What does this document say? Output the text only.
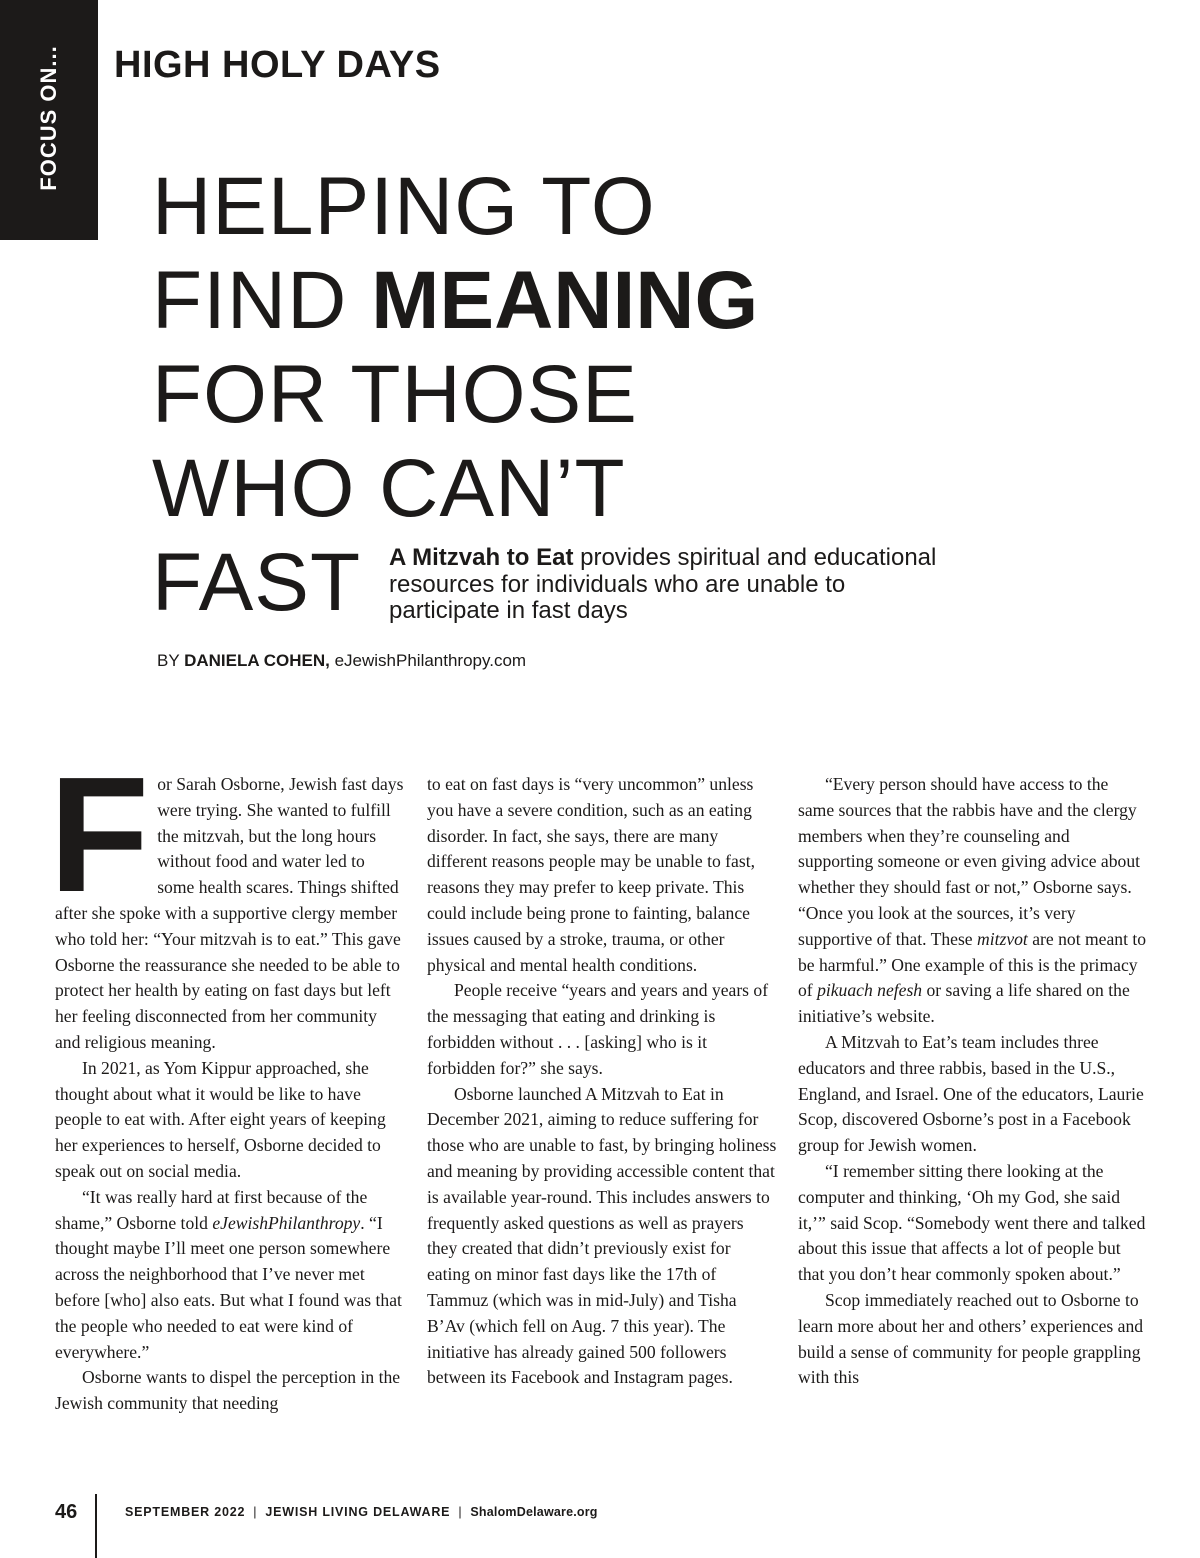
FOCUS ON... HIGH HOLY DAYS
HELPING TO
FIND MEANING
FOR THOSE
WHO CAN’T
FAST	A Mitzvah to Eat provides spiritual and educational resources for individuals who are unable to participate in fast days
BY DANIELA COHEN, eJewishPhilanthropy.com

For Sarah Osborne, Jewish fast days were trying. She wanted to fulfill the mitzvah, but the long hours without food and water led to some health scares. Things shifted after she spoke with a supportive clergy member who told her: “Your mitzvah is to eat.” This gave Osborne the reassurance she needed to be able to protect her health by eating on fast days but left her feeling disconnected from her community and religious meaning.

In 2021, as Yom Kippur approached, she thought about what it would be like to have people to eat with. After eight years of keeping her experiences to herself, Osborne decided to speak out on social media.

“It was really hard at first because of the shame,” Osborne told eJewishPhilanthropy. “I thought maybe I’ll meet one person somewhere across the neighborhood that I’ve never met before [who] also eats. But what I found was that the people who needed to eat were kind of everywhere.”

Osborne wants to dispel the perception in the Jewish community that needing

to eat on fast days is “very uncommon” unless you have a severe condition, such as an eating disorder. In fact, she says, there are many different reasons people may be unable to fast, reasons they may prefer to keep private. This could include being prone to fainting, balance issues caused by a stroke, trauma, or other physical and mental health conditions.

People receive “years and years and years of the messaging that eating and drinking is forbidden without . . . [asking] who is it forbidden for?” she says.

Osborne launched A Mitzvah to Eat in December 2021, aiming to reduce suffering for those who are unable to fast, by bringing holiness and meaning by providing accessible content that is available year-round. This includes answers to frequently asked questions as well as prayers they created that didn’t previously exist for eating on minor fast days like the 17th of Tammuz (which was in mid-July) and Tisha B’Av (which fell on Aug. 7 this year). The initiative has already gained 500 followers between its Facebook and Instagram pages.

“Every person should have access to the same sources that the rabbis have and the clergy members when they’re counseling and supporting someone or even giving advice about whether they should fast or not,” Osborne says. “Once you look at the sources, it’s very supportive of that. These mitzvot are not meant to be harmful.” One example of this is the primacy of pikuach nefesh or saving a life shared on the initiative’s website.

A Mitzvah to Eat’s team includes three educators and three rabbis, based in the U.S., England, and Israel. One of the educators, Laurie Scop, discovered Osborne’s post in a Facebook group for Jewish women.

“I remember sitting there looking at the computer and thinking, ‘Oh my God, she said it,’” said Scop. “Somebody went there and talked about this issue that affects a lot of people but that you don’t hear commonly spoken about.”

Scop immediately reached out to Osborne to learn more about her and others’ experiences and build a sense of community for people grappling with this

46	SEPTEMBER 2022 | JEWISH LIVING DELAWARE | ShalomDelaware.org
